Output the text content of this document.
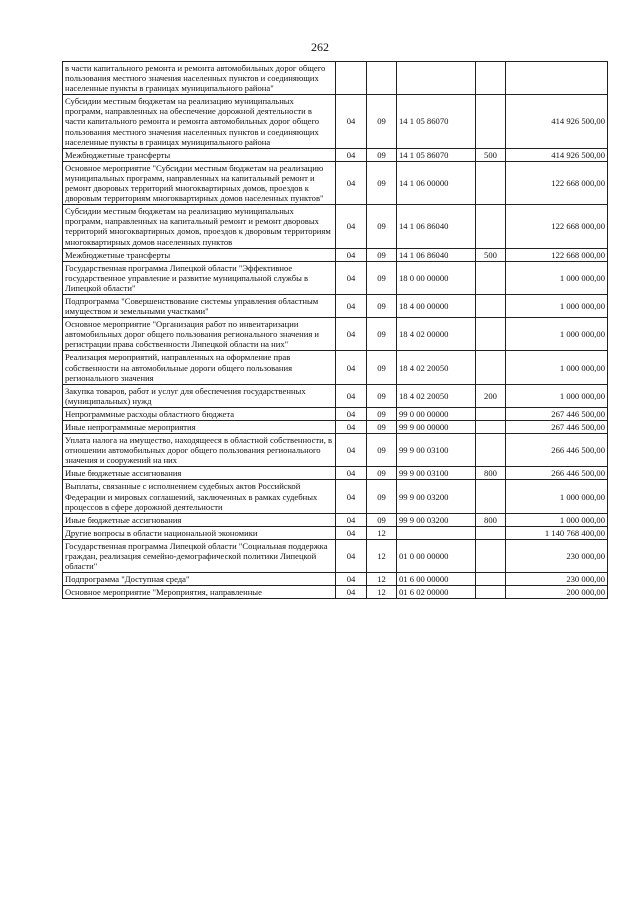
262
в части капитального ремонта и ремонта автомобильных дорог общего пользования местного значения населенных пунктов и соединяющих населенные пункты в границах муниципального района"					
Субсидии местным бюджетам на реализацию муниципальных программ, направленных на обеспечение дорожной деятельности в части капитального ремонта и ремонта автомобильных дорог общего пользования местного значения населенных пунктов и соединяющих населенные пункты в границах муниципального района	04	09	14 1 05 86070		414 926 500,00
Межбюджетные трансферты	04	09	14 1 05 86070	500	414 926 500,00
Основное мероприятие "Субсидии местным бюджетам на реализацию муниципальных программ, направленных на капитальный ремонт и ремонт дворовых территорий многоквартирных домов, проездов к дворовым территориям многоквартирных домов населенных пунктов"	04	09	14 1 06 00000		122 668 000,00
Субсидии местным бюджетам на реализацию муниципальных программ, направленных на капитальный ремонт и ремонт дворовых территорий многоквартирных домов, проездов к дворовым территориям многоквартирных домов населенных пунктов	04	09	14 1 06 86040		122 668 000,00
Межбюджетные трансферты	04	09	14 1 06 86040	500	122 668 000,00
Государственная программа Липецкой области "Эффективное государственное управление и развитие муниципальной службы в Липецкой области"	04	09	18 0 00 00000		1 000 000,00
Подпрограмма "Совершенствование системы управления областным имуществом и земельными участками"	04	09	18 4 00 00000		1 000 000,00
Основное мероприятие "Организация работ по инвентаризации автомобильных дорог общего пользования регионального значения и регистрации права собственности Липецкой области на них"	04	09	18 4 02 00000		1 000 000,00
Реализация мероприятий, направленных на оформление прав собственности на автомобильные дороги общего пользования регионального значения	04	09	18 4 02 20050		1 000 000,00
Закупка товаров, работ и услуг для обеспечения государственных (муниципальных) нужд	04	09	18 4 02 20050	200	1 000 000,00
Непрограммные расходы областного бюджета	04	09	99 0 00 00000		267 446 500,00
Иные непрограммные мероприятия	04	09	99 9 00 00000		267 446 500,00
Уплата налога на имущество, находящееся в областной собственности, в отношении автомобильных дорог общего пользования регионального значения и сооружений на них	04	09	99 9 00 03100		266 446 500,00
Иные бюджетные ассигнования	04	09	99 9 00 03100	800	266 446 500,00
Выплаты, связанные с исполнением судебных актов Российской Федерации и мировых соглашений, заключенных в рамках судебных процессов в сфере дорожной деятельности	04	09	99 9 00 03200		1 000 000,00
Иные бюджетные ассигнования	04	09	99 9 00 03200	800	1 000 000,00
Другие вопросы в области национальной экономики	04	12			1 140 768 400,00
Государственная программа Липецкой области "Социальная поддержка граждан, реализация семейно-демографической политики Липецкой области"	04	12	01 0 00 00000		230 000,00
Подпрограмма "Доступная среда"	04	12	01 6 00 00000		230 000,00
Основное мероприятие "Мероприятия, направленные	04	12	01 6 02 00000		200 000,00
